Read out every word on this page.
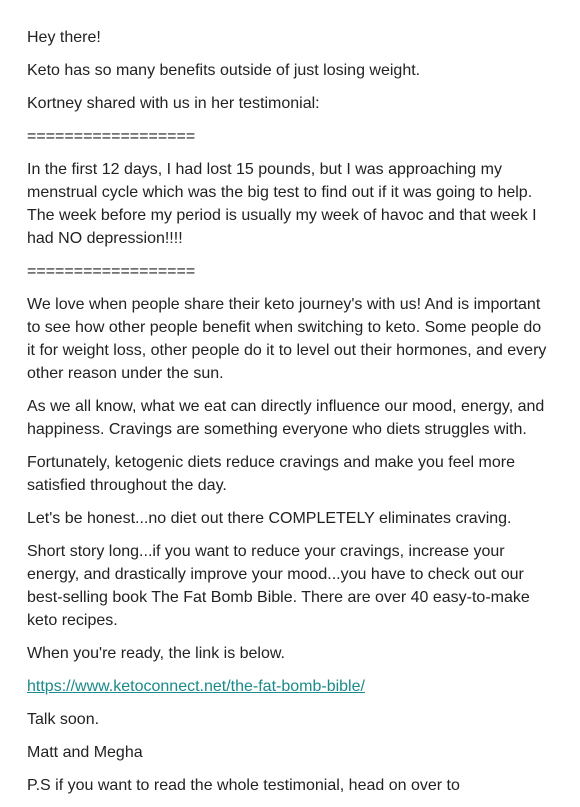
Hey there!

Keto has so many benefits outside of just losing weight.

Kortney shared with us in her testimonial:

==================

In the first 12 days, I had lost 15 pounds, but I was approaching my menstrual cycle which was the big test to find out if it was going to help. The week before my period is usually my week of havoc and that week I had NO depression!!!!

==================

We love when people share their keto journey's with us! And is important to see how other people benefit when switching to keto. Some people do it for weight loss, other people do it to level out their hormones, and every other reason under the sun.

As we all know, what we eat can directly influence our mood, energy, and happiness. Cravings are something everyone who diets struggles with.

Fortunately, ketogenic diets reduce cravings and make you feel more satisfied throughout the day.

Let's be honest...no diet out there COMPLETELY eliminates craving.

Short story long...if you want to reduce your cravings, increase your energy, and drastically improve your mood...you have to check out our best-selling book The Fat Bomb Bible. There are over 40 easy-to-make keto recipes.

When you're ready, the link is below.

https://www.ketoconnect.net/the-fat-bomb-bible/

Talk soon.

Matt and Megha

P.S if you want to read the whole testimonial, head on over to
